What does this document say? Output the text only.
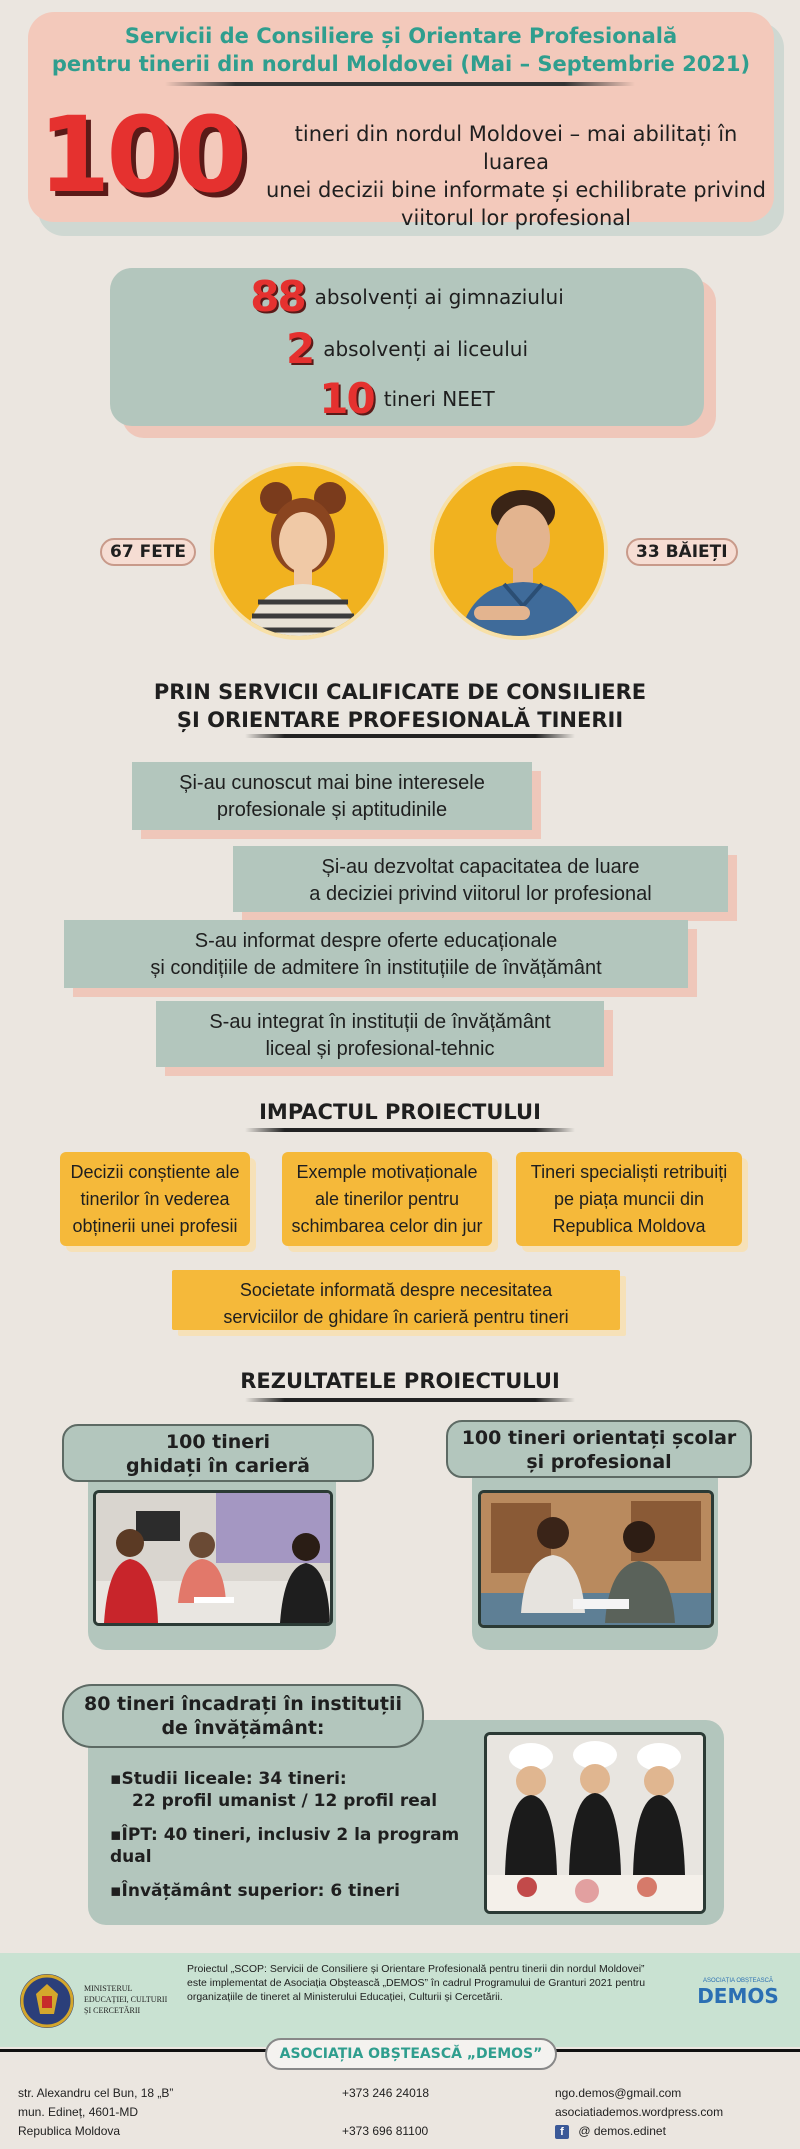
Servicii de Consiliere și Orientare Profesională
pentru tinerii din nordul Moldovei (Mai – Septembrie 2021)
100	tineri din nordul Moldovei – mai abilitați în luarea
unei decizii bine informate și echilibrate privind
viitorul lor profesional
88 absolvenți ai gimnaziului
2 absolvenți ai liceului
10 tineri NEET
67 FETE	33 BĂIEȚI
PRIN SERVICII CALIFICATE DE CONSILIERE
ȘI ORIENTARE PROFESIONALĂ TINERII
Și-au cunoscut mai bine interesele
profesionale și aptitudinile
Și-au dezvoltat capacitatea de luare
a deciziei privind viitorul lor profesional
S-au informat despre oferte educaționale
și condițiile de admitere în instituțiile de învățământ
S-au integrat în instituții de învățământ
liceal și profesional-tehnic
IMPACTUL PROIECTULUI
Decizii conștiente ale
tinerilor în vederea
obținerii unei profesii
Exemple motivaționale
ale tinerilor pentru
schimbarea celor din jur
Tineri specialiști retribuiți
pe piața muncii din
Republica Moldova
Societate informată despre necesitatea
serviciilor de ghidare în carieră pentru tineri
REZULTATELE PROIECTULUI
100 tineri
ghidați în carieră
100 tineri orientați școlar
și profesional
80 tineri încadrați în instituții
de învățământ:
▪Studii liceale: 34 tineri:
22 profil umanist / 12 profil real
▪ÎPT: 40 tineri, inclusiv 2 la program dual
▪Învățământ superior: 6 tineri
MINISTERUL
EDUCAȚIEI, CULTURII
ȘI CERCETĂRII
Proiectul „SCOP: Servicii de Consiliere și Orientare Profesională pentru tinerii din nordul Moldovei”
este implementat de Asociația Obștească „DEMOS” în cadrul Programului de Granturi 2021 pentru
organizațiile de tineret al Ministerului Educației, Culturii și Cercetării.
ASOCIAȚIA OBȘTEASCĂ
DEMOS
ASOCIAȚIA OBȘTEASCĂ „DEMOS”
str. Alexandru cel Bun, 18 „B”
mun. Edineț, 4601-MD
Republica Moldova
+373 246 24018
+373 696 81100
ngo.demos@gmail.com
asociatiademos.wordpress.com
f @ demos.edinet
